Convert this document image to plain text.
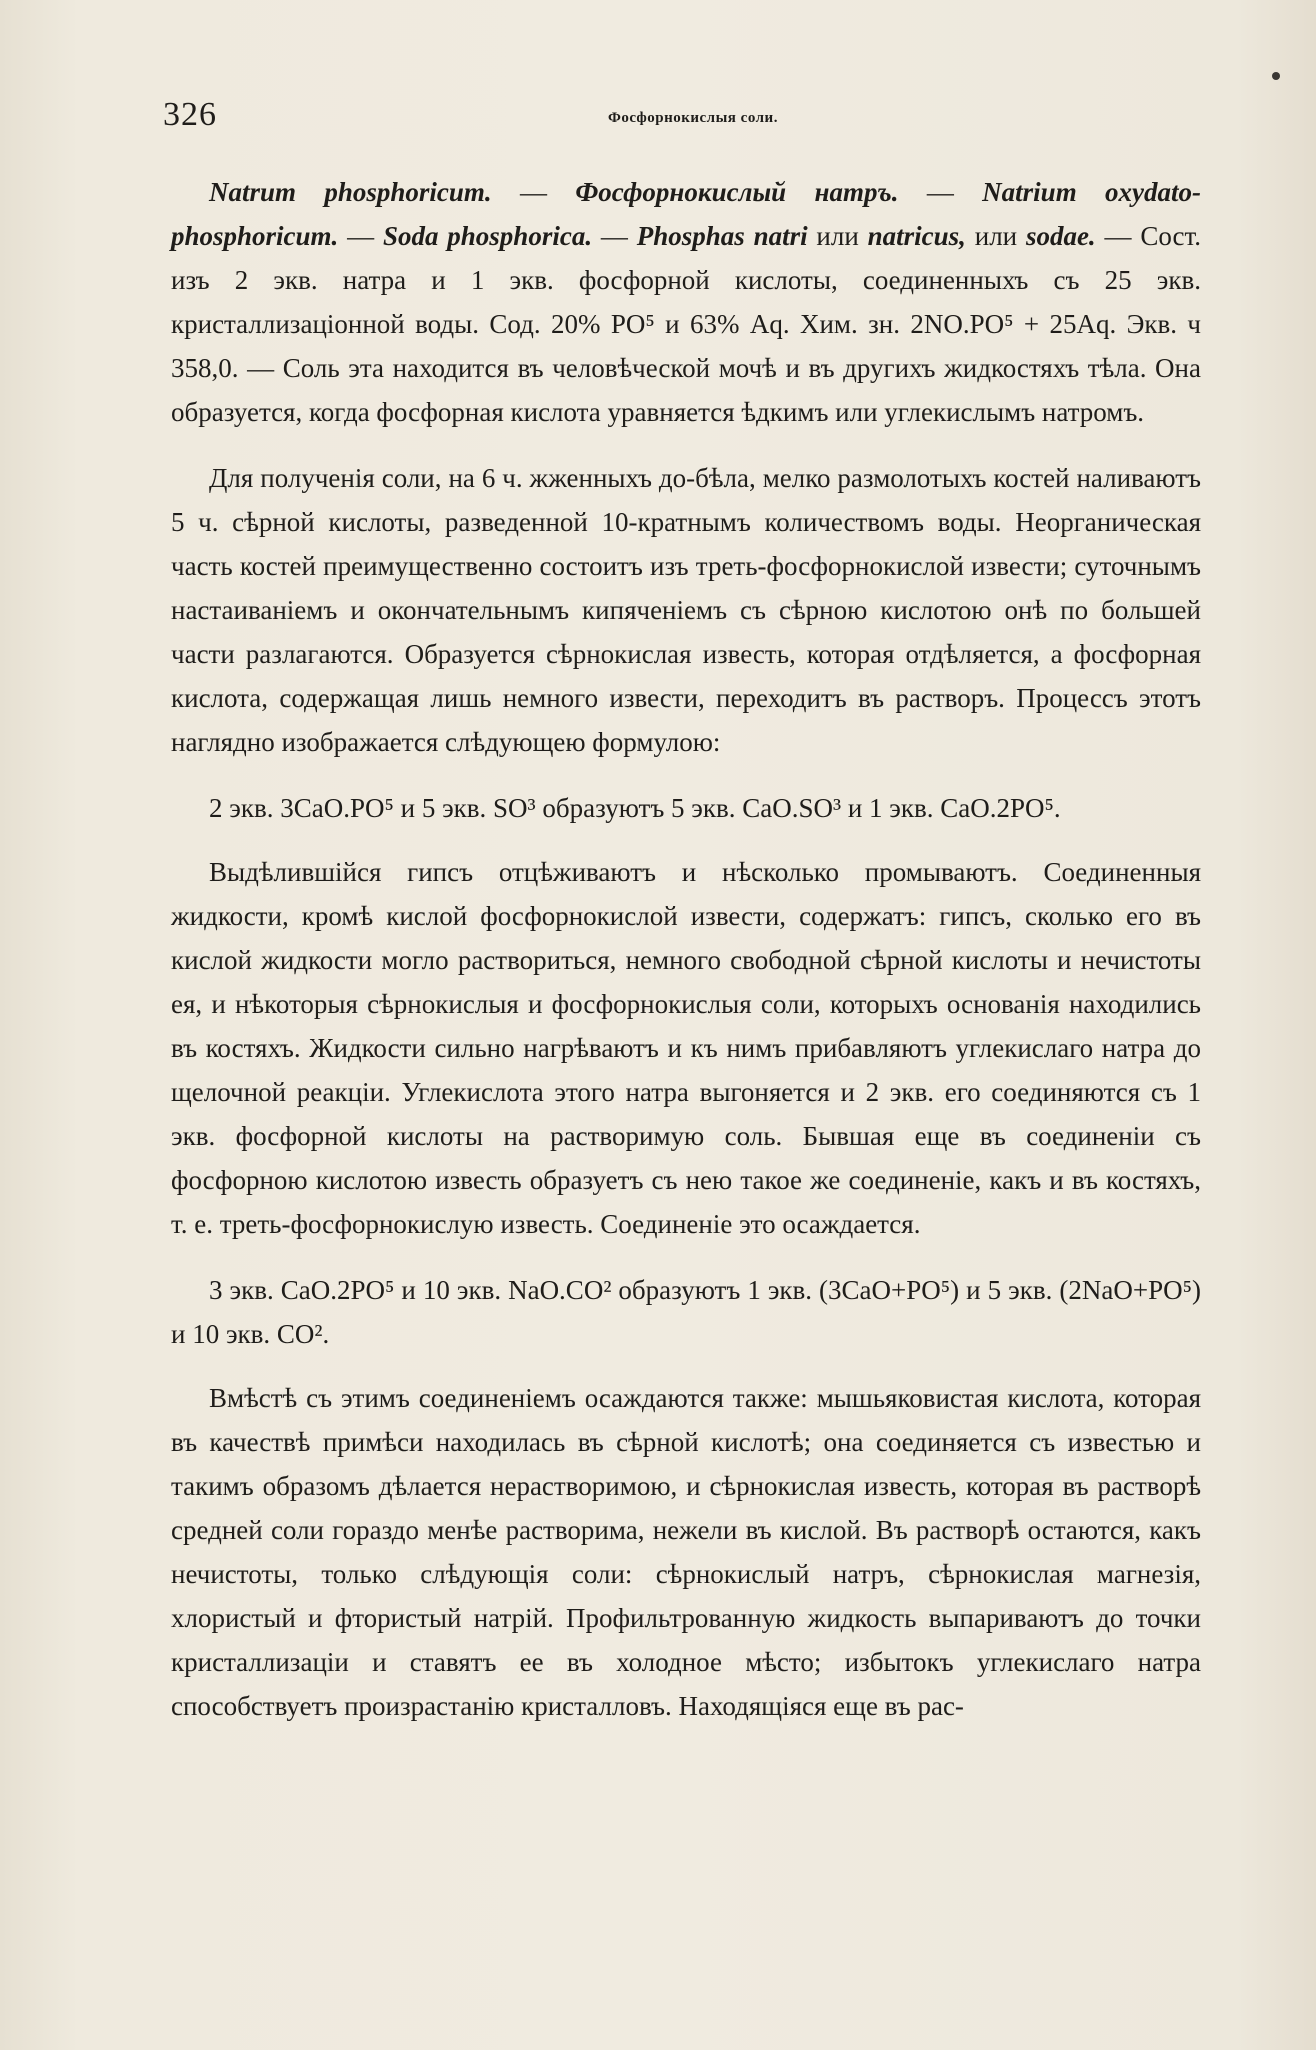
326	Фосфорнокислыя соли.

Natrum phosphoricum. — Фосфорнокислый натръ. — Natrium oxydato-phosphoricum. — Soda phosphorica. — Phosphas natri или natricus, или sodae. — Сост. изъ 2 экв. натра и 1 экв. фосфорной кислоты, соединенныхъ съ 25 экв. кристаллизаціонной воды. Сод. 20% PO⁵ и 63% Aq. Хим. зн. 2NO.PO⁵ + 25Aq. Экв. ч 358,0. — Соль эта находится въ человѣческой мочѣ и въ другихъ жидкостяхъ тѣла. Она образуется, когда фосфорная кислота уравняется ѣдкимъ или углекислымъ натромъ.

Для полученія соли, на 6 ч. жженныхъ до-бѣла, мелко размолотыхъ костей наливаютъ 5 ч. сѣрной кислоты, разведенной 10-кратнымъ количествомъ воды. Неорганическая часть костей преимущественно состоитъ изъ треть-фосфорнокислой извести; суточнымъ настаиваніемъ и окончательнымъ кипяченіемъ съ сѣрною кислотою онѣ по большей части разлагаются. Образуется сѣрнокислая известь, которая отдѣляется, а фосфорная кислота, содержащая лишь немного извести, переходитъ въ растворъ. Процессъ этотъ наглядно изображается слѣдующею формулою:

2 экв. 3CaO.PO⁵ и 5 экв. SO³ образуютъ 5 экв. CaO.SO³ и 1 экв. CaO.2PO⁵.

Выдѣлившійся гипсъ отцѣживаютъ и нѣсколько промываютъ. Соединенныя жидкости, кромѣ кислой фосфорнокислой извести, содержатъ: гипсъ, сколько его въ кислой жидкости могло раствориться, немного свободной сѣрной кислоты и нечистоты ея, и нѣкоторыя сѣрнокислыя и фосфорнокислыя соли, которыхъ основанія находились въ костяхъ. Жидкости сильно нагрѣваютъ и къ нимъ прибавляютъ углекислаго натра до щелочной реакціи. Углекислота этого натра выгоняется и 2 экв. его соединяются съ 1 экв. фосфорной кислоты на растворимую соль. Бывшая еще въ соединеніи съ фосфорною кислотою известь образуетъ съ нею такое же соединеніе, какъ и въ костяхъ, т. е. треть-фосфорнокислую известь. Соединеніе это осаждается.

3 экв. CaO.2PO⁵ и 10 экв. NaO.CO² образуютъ 1 экв. (3CaO+PO⁵) и 5 экв. (2NaO+PO⁵) и 10 экв. CO².

Вмѣстѣ съ этимъ соединеніемъ осаждаются также: мышьяковистая кислота, которая въ качествѣ примѣси находилась въ сѣрной кислотѣ; она соединяется съ известью и такимъ образомъ дѣлается нерастворимою, и сѣрнокислая известь, которая въ растворѣ средней соли гораздо менѣе растворима, нежели въ кислой. Въ растворѣ остаются, какъ нечистоты, только слѣдующія соли: сѣрнокислый натръ, сѣрнокислая магнезія, хлористый и фтористый натрій. Профильтрованную жидкость выпариваютъ до точки кристаллизаціи и ставятъ ее въ холодное мѣсто; избытокъ углекислаго натра способствуетъ произрастанію кристалловъ. Находящіяся еще въ рас-
